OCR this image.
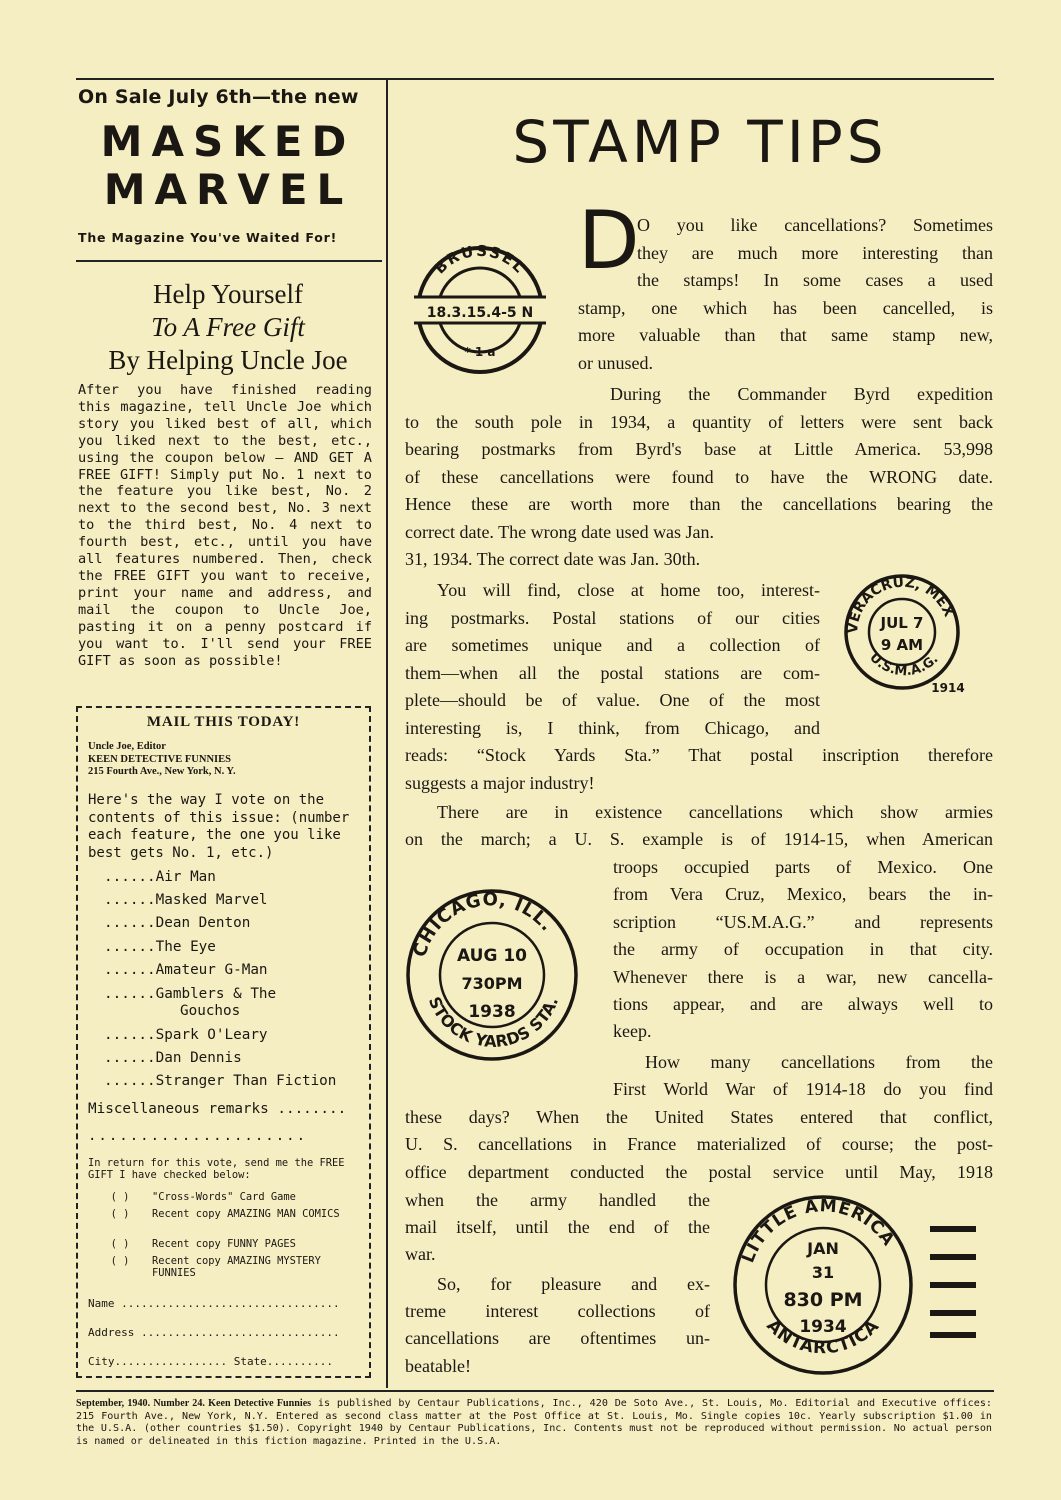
On Sale July 6th—the new
MASKED
MARVEL
The Magazine You've Waited For!
Help Yourself
To A Free Gift
By Helping Uncle Joe
After you have finished reading this magazine, tell Uncle Joe which story you liked best of all, which you liked next to the best, etc., using the coupon below — AND GET A FREE GIFT! Simply put No. 1 next to the feature you like best, No. 2 next to the second best, No. 3 next to the third best, No. 4 next to fourth best, etc., until you have all features numbered. Then, check the FREE GIFT you want to receive, print your name and address, and mail the coupon to Uncle Joe, pasting it on a penny postcard if you want to. I'll send your FREE GIFT as soon as possible!
MAIL THIS TODAY!
Uncle Joe, Editor
KEEN DETECTIVE FUNNIES
215 Fourth Ave., New York, N. Y.
Here's the way I vote on the contents of this issue: (number each feature, the one you like best gets No. 1, etc.)
......Air Man
......Masked Marvel
......Dean Denton
......The Eye
......Amateur G-Man
......Gamblers & The
Gouchos
......Spark O'Leary
......Dan Dennis
......Stranger Than Fiction
Miscellaneous remarks ........
.....................
In return for this vote, send me the FREE GIFT I have checked below:
( ) "Cross-Words" Card Game
( ) Recent copy AMAZING MAN COMICS
( ) Recent copy FUNNY PAGES
( ) Recent copy AMAZING MYSTERY FUNNIES
Name .................................
Address ..............................
City................. State..........
STAMP TIPS
D
O you like cancellations? Sometimes
they are much more interesting than
the stamps! In some cases a used
stamp, one which has been cancelled, is
more valuable than that same stamp new,
or unused.
During the Commander Byrd expedition
to the south pole in 1934, a quantity of letters were sent back
bearing postmarks from Byrd's base at Little America. 53,998
of these cancellations were found to have the WRONG date.
Hence these are worth more than the cancellations bearing the
correct date. The wrong date used was Jan.
31, 1934. The correct date was Jan. 30th.
You will find, close at home too, interest-
ing postmarks. Postal stations of our cities
are sometimes unique and a collection of
them—when all the postal stations are com-
plete—should be of value. One of the most
interesting is, I think, from Chicago, and
reads: “Stock Yards Sta.” That postal inscription therefore
suggests a major industry!
There are in existence cancellations which show armies
on the march; a U. S. example is of 1914-15, when American
troops occupied parts of Mexico. One
from Vera Cruz, Mexico, bears the in-
scription “US.M.A.G.” and represents
the army of occupation in that city.
Whenever there is a war, new cancella-
tions appear, and are always well to
keep.
How many cancellations from the
First World War of 1914-18 do you find
these days? When the United States entered that conflict,
U. S. cancellations in France materialized of course; the post-
office department conducted the postal service until May, 1918
when the army handled the
mail itself, until the end of the
war.
So, for pleasure and ex-
treme interest collections of
cancellations are oftentimes un-
beatable!
BRUSSEL
18.3.15.4-5 N
* 1 a
VERACRUZ, MEX
U.S.M.A.G.
JUL 7
9 AM
1914
CHICAGO, ILL.
STOCK YARDS STA.
AUG 10
730PM
1938
LITTLE AMERICA
ANTARCTICA
JAN
31
830 PM
1934
September, 1940. Number 24. Keen Detective Funnies is published by Centaur Publications, Inc., 420 De Soto Ave., St. Louis, Mo. Editorial and Executive offices: 215 Fourth Ave., New York, N.Y. Entered as second class matter at the Post Office at St. Louis, Mo. Single copies 10c. Yearly subscription $1.00 in the U.S.A. (other countries $1.50). Copyright 1940 by Centaur Publications, Inc. Contents must not be reproduced without permission. No actual person is named or delineated in this fiction magazine. Printed in the U.S.A.
